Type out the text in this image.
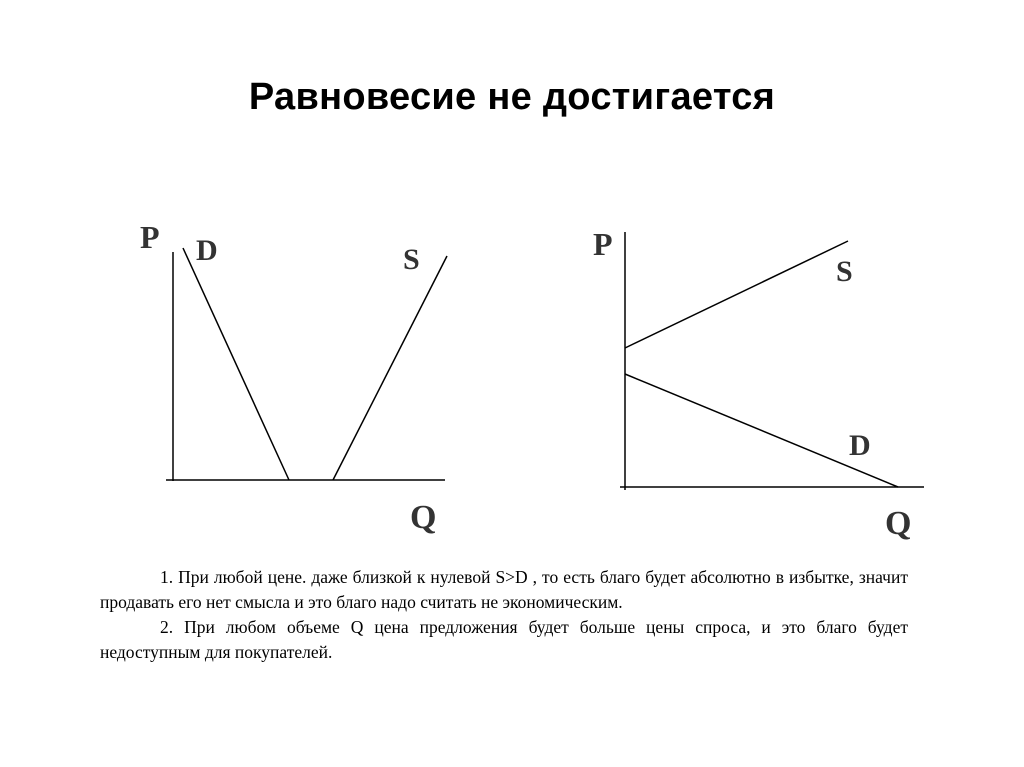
Равновесие не достигается
P
Q
D	S	P
Q
D
S

1. При любой цене. даже близкой к нулевой S>D , то есть благо будет абсолютно в избытке, значит продавать его нет смысла и это благо надо считать не экономическим.

2. При любом объеме Q цена предложения будет больше цены спроса, и это благо будет недоступным для покупателей.
